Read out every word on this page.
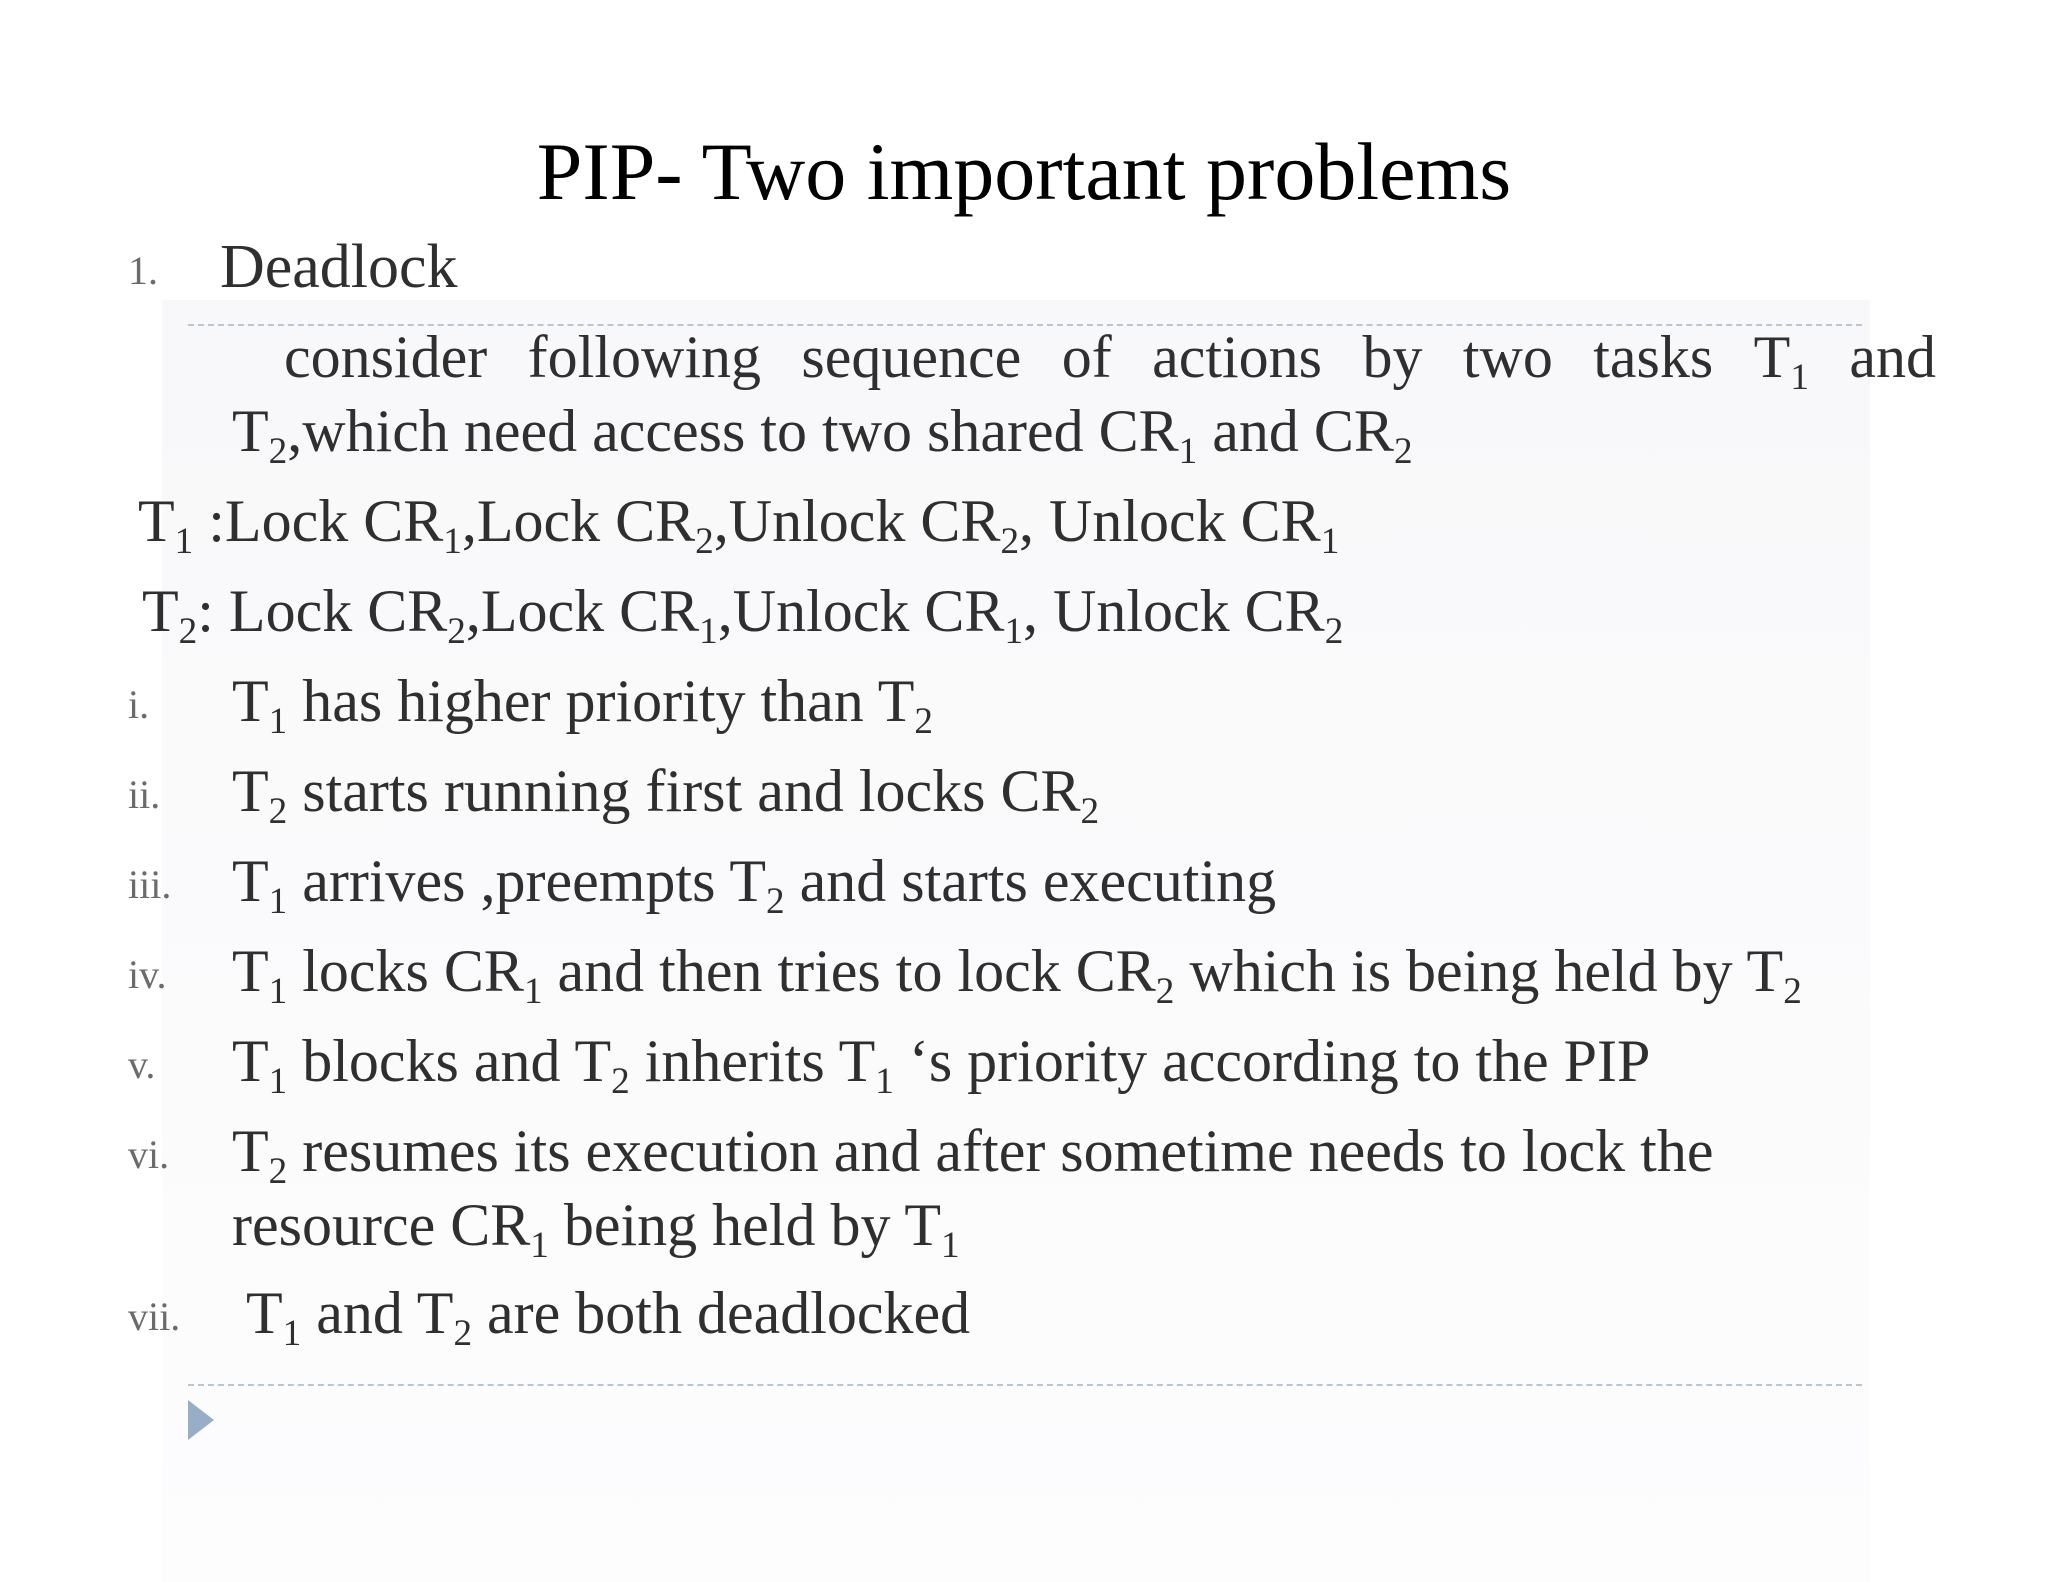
PIP- Two important problems
1. Deadlock
consider following sequence of actions by two tasks $T_1$ and
$T_2,which$ need access to two shared $CR_1$ and $CR_2$
$T_1$ :Lock $CR_1,Lock$ $CR_2,Unlock$ $CR_2$, Unlock $CR_1$
$T_2$: Lock $CR_2,Lock$ $CR_1,Unlock$ $CR_1$, Unlock $CR_2$
i. $T_1$ has higher priority than $T_2$
ii. $T_2$ starts running first and locks $CR_2$
iii. $T_1$ arrives ,preempts $T_2$ and starts executing
iv. $T_1$ locks $CR_1$ and then tries to lock $CR_2$ which is being held by $T_2$
v. $T_1$ blocks and $T_2$ inherits $T_1$ ‘s priority according to the PIP
vi. $T_2$ resumes its execution and after sometime needs to lock the
resource $CR_1$ being held by $T_1$
vii. $T_1$ and $T_2$ are both deadlocked
